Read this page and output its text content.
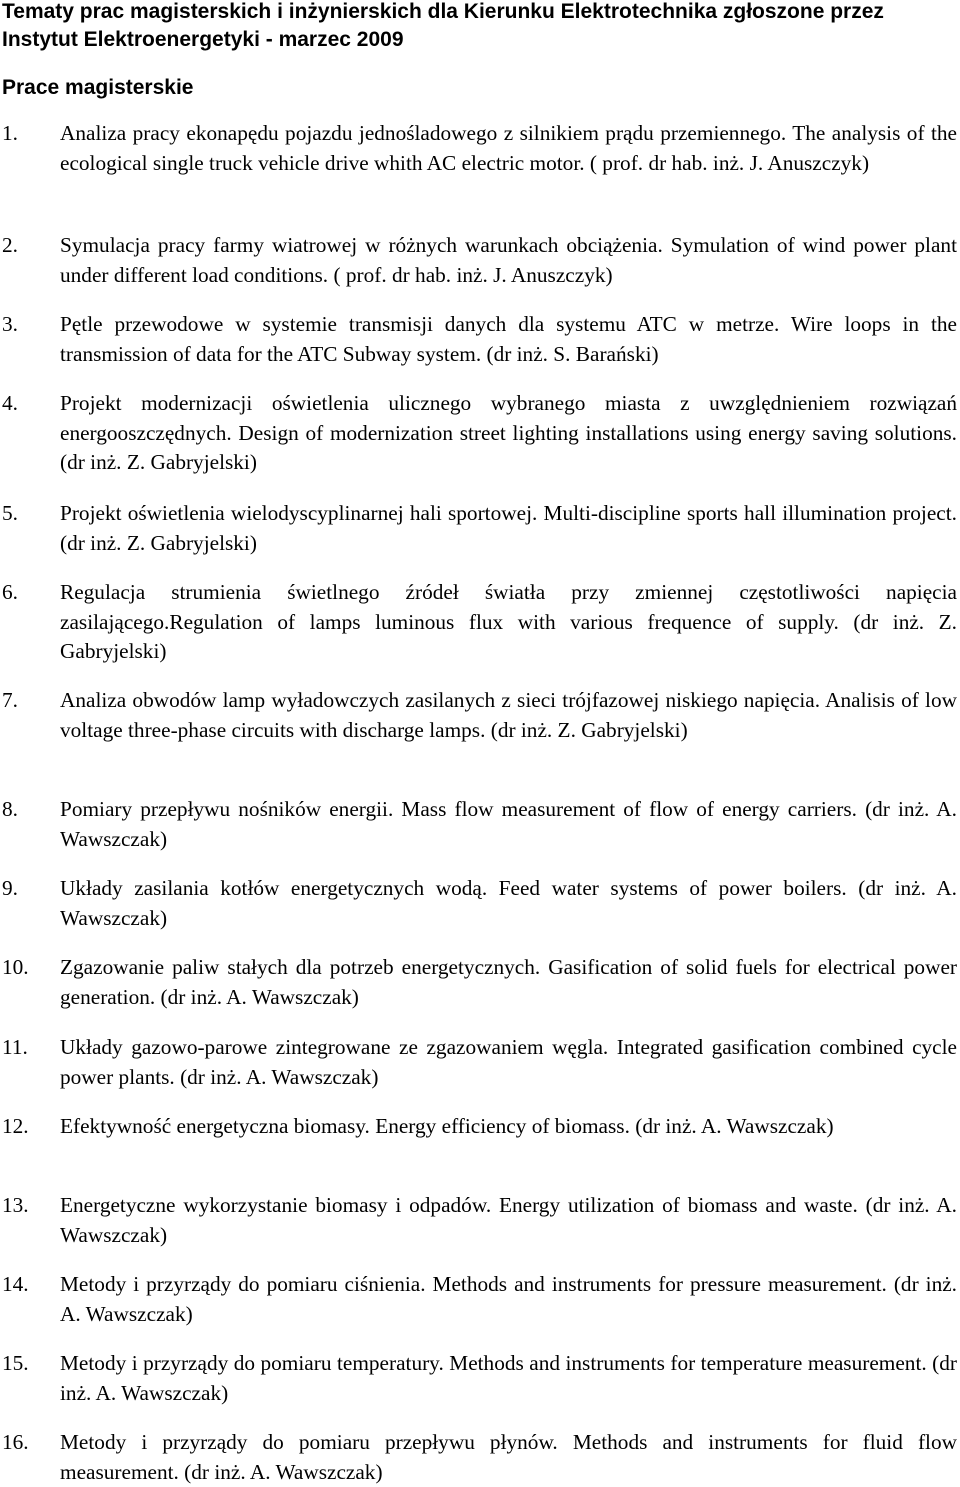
Tematy prac magisterskich i inżynierskich dla Kierunku Elektrotechnika zgłoszone przez Instytut Elektroenergetyki - marzec 2009
Prace magisterskie
1.	Analiza pracy ekonapędu pojazdu jednośladowego z silnikiem prądu przemiennego. The analysis of the ecological single truck vehicle drive whith AC electric motor. ( prof. dr hab. inż. J. Anuszczyk)
2.	Symulacja pracy farmy wiatrowej w różnych warunkach obciążenia. Symulation of wind power plant under different load conditions. ( prof. dr hab. inż. J. Anuszczyk)
3.	Pętle przewodowe w systemie transmisji danych dla systemu ATC w metrze. Wire loops in the transmission of data for the ATC Subway system. (dr inż. S. Barański)
4.	Projekt modernizacji oświetlenia ulicznego wybranego miasta z uwzględnieniem rozwiązań energooszczędnych. Design of modernization street lighting installations using energy saving solutions. (dr inż. Z. Gabryjelski)
5.	Projekt oświetlenia wielodyscyplinarnej hali sportowej. Multi-discipline sports hall illumination project. (dr inż. Z. Gabryjelski)
6.	Regulacja strumienia świetlnego źródeł światła przy zmiennej częstotliwości napięcia zasilającego.Regulation of lamps luminous flux with various frequence of supply. (dr inż. Z. Gabryjelski)
7.	Analiza obwodów lamp wyładowczych zasilanych z sieci trójfazowej niskiego napięcia. Analisis of low voltage three-phase circuits with discharge lamps. (dr inż. Z. Gabryjelski)
8.	Pomiary przepływu nośników energii. Mass flow measurement of flow of energy carriers. (dr inż. A. Wawszczak)
9.	Układy zasilania kotłów energetycznych wodą. Feed water systems of power boilers. (dr inż. A. Wawszczak)
10.	Zgazowanie paliw stałych dla potrzeb energetycznych. Gasification of solid fuels for electrical power generation. (dr inż. A. Wawszczak)
11.	Układy gazowo-parowe zintegrowane ze zgazowaniem węgla. Integrated gasification combined cycle power plants. (dr inż. A. Wawszczak)
12.	Efektywność energetyczna biomasy. Energy efficiency of biomass. (dr inż. A. Wawszczak)
13.	Energetyczne wykorzystanie biomasy i odpadów. Energy utilization of biomass and waste. (dr inż. A. Wawszczak)
14.	Metody i przyrządy do pomiaru ciśnienia. Methods and instruments for pressure measurement. (dr inż. A. Wawszczak)
15.	Metody i przyrządy do pomiaru temperatury. Methods and instruments for temperature measurement. (dr inż. A. Wawszczak)
16.	Metody i przyrządy do pomiaru przepływu płynów. Methods and instruments for fluid flow measurement. (dr inż. A. Wawszczak)
